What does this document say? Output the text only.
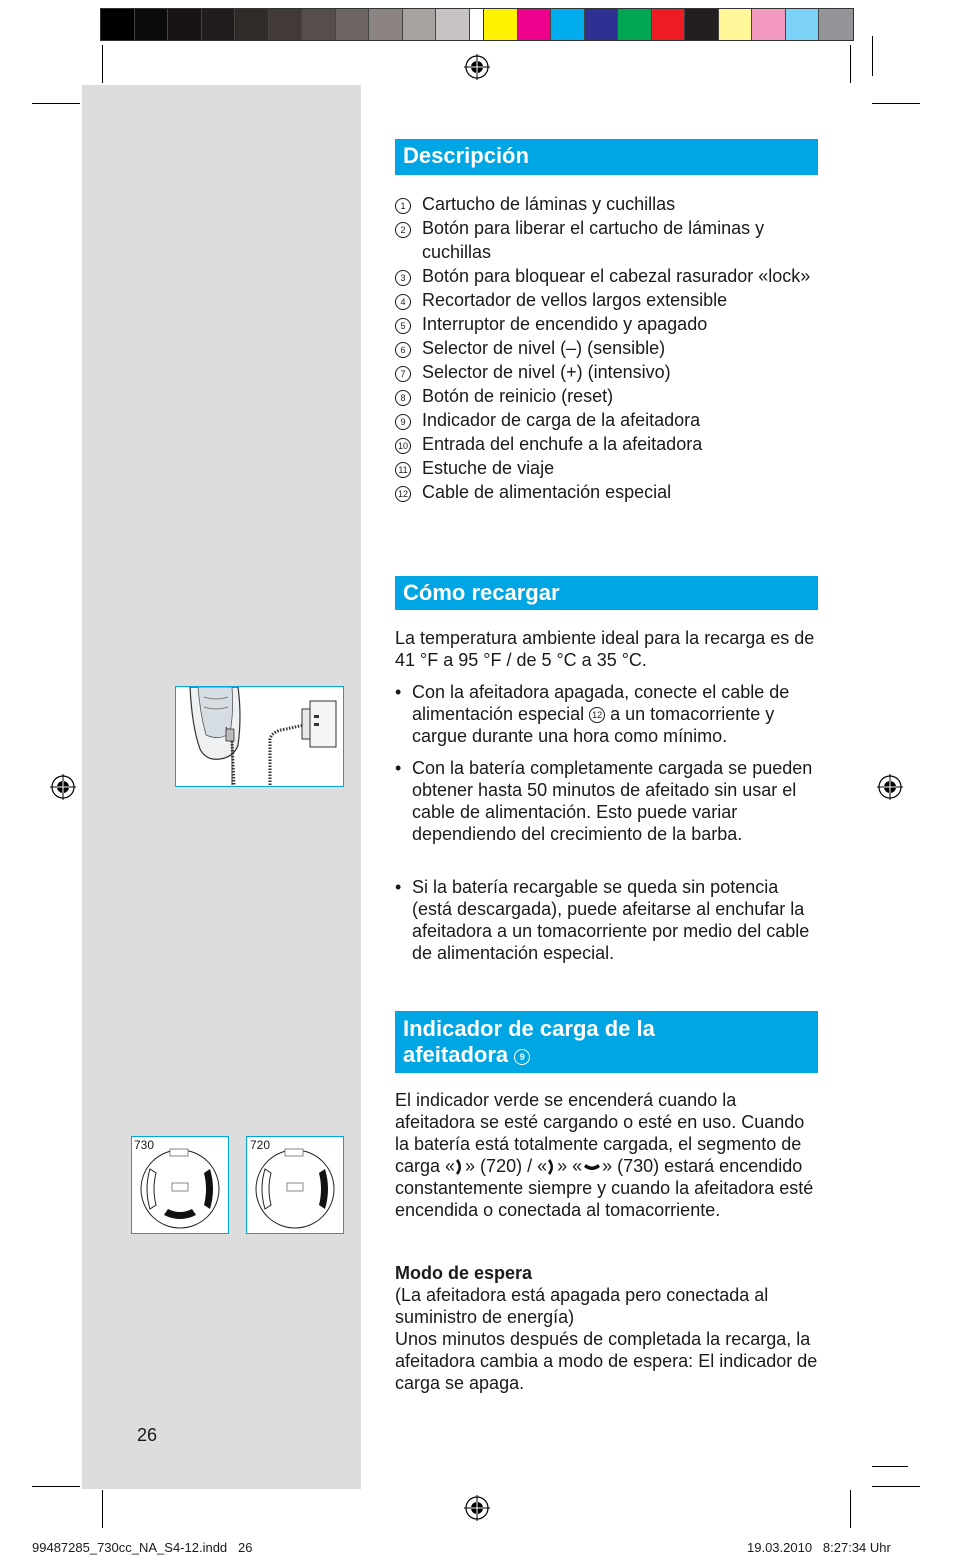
730	720
Descripción
1 Cartucho de láminas y cuchillas
2 Botón para liberar el cartucho de láminas y cuchillas
3 Botón para bloquear el cabezal rasurador «lock»
4 Recortador de vellos largos extensible
5 Interruptor de encendido y apagado
6 Selector de nivel (–) (sensible)
7 Selector de nivel (+) (intensivo)
8 Botón de reinicio (reset)
9 Indicador de carga de la afeitadora
10 Entrada del enchufe a la afeitadora
11 Estuche de viaje
12 Cable de alimentación especial
Cómo recargar

La temperatura ambiente ideal para la recarga es de 41 °F a 95 °F / de 5 °C a 35 °C.

• Con la afeitadora apagada, conecte el cable de alimentación especial 12 a un tomacorriente y cargue durante una hora como mínimo.

• Con la batería completamente cargada se pueden obtener hasta 50 minutos de afeitado sin usar el cable de alimentación. Esto puede variar dependiendo del crecimiento de la barba.

• Si la batería recargable se queda sin potencia (está descargada), puede afeitarse al enchufar la afeitadora a un tomacorriente por medio del cable de alimentación especial.

Indicador de carga de la
afeitadora 9

El indicador verde se encenderá cuando la afeitadora se esté cargando o esté en uso. Cuando la batería está totalmente cargada, el segmento de carga « » (720) / « » « » (730) estará encendido constantemente siempre y cuando la afeitadora esté encendida o conectada al tomacorriente.

Modo de espera

(La afeitadora está apagada pero conectada al suministro de energía)
Unos minutos después de completada la recarga, la afeitadora cambia a modo de espera: El indicador de carga se apaga.

26
99487285_730cc_NA_S4-12.indd   26	19.03.2010   8:27:34 Uhr
